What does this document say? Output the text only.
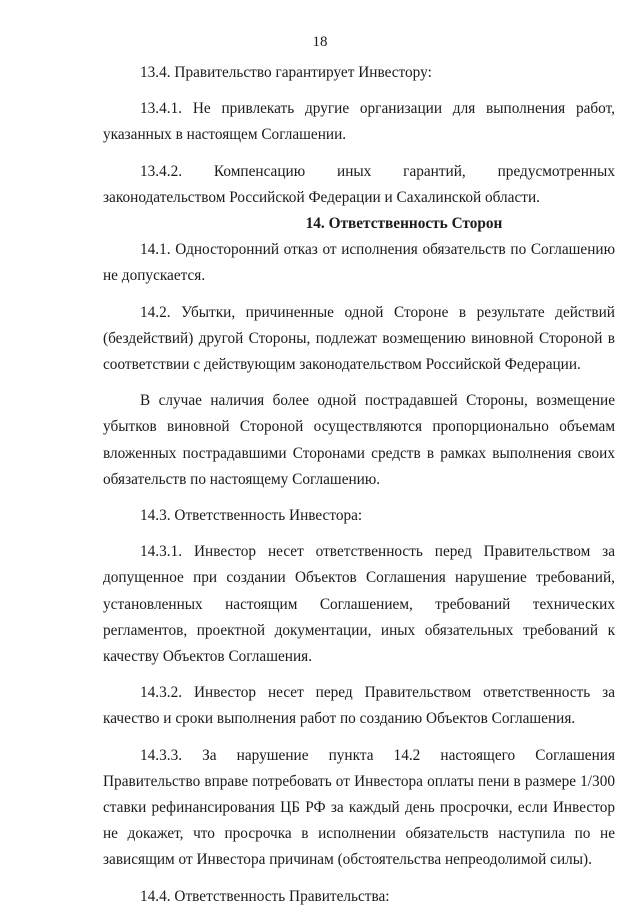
18

13.4. Правительство гарантирует Инвестору:

13.4.1. Не привлекать другие организации для выполнения работ,

указанных в настоящем Соглашении.

13.4.2. Компенсацию иных гарантий, предусмотренных

законодательством Российской Федерации и Сахалинской области.

14. Ответственность Сторон

14.1. Односторонний отказ от исполнения обязательств по Соглашению

не допускается.

14.2. Убытки, причиненные одной Стороне в результате действий

(бездействий) другой Стороны, подлежат возмещению виновной Стороной в

соответствии с действующим законодательством Российской Федерации.

В случае наличия более одной пострадавшей Стороны, возмещение

убытков виновной Стороной осуществляются пропорционально объемам

вложенных пострадавшими Сторонами средств в рамках выполнения своих

обязательств по настоящему Соглашению.

14.3. Ответственность Инвестора:

14.3.1. Инвестор несет ответственность перед Правительством за

допущенное при создании Объектов Соглашения нарушение требований,

установленных настоящим Соглашением, требований технических

регламентов, проектной документации, иных обязательных требований к

качеству Объектов Соглашения.

14.3.2. Инвестор несет перед Правительством ответственность за

качество и сроки выполнения работ по созданию Объектов Соглашения.

14.3.3. За нарушение пункта 14.2 настоящего Соглашения

Правительство вправе потребовать от Инвестора оплаты пени в размере 1/300

ставки рефинансирования ЦБ РФ за каждый день просрочки, если Инвестор

не докажет, что просрочка в исполнении обязательств наступила по не

зависящим от Инвестора причинам (обстоятельства непреодолимой силы).

14.4. Ответственность Правительства:
